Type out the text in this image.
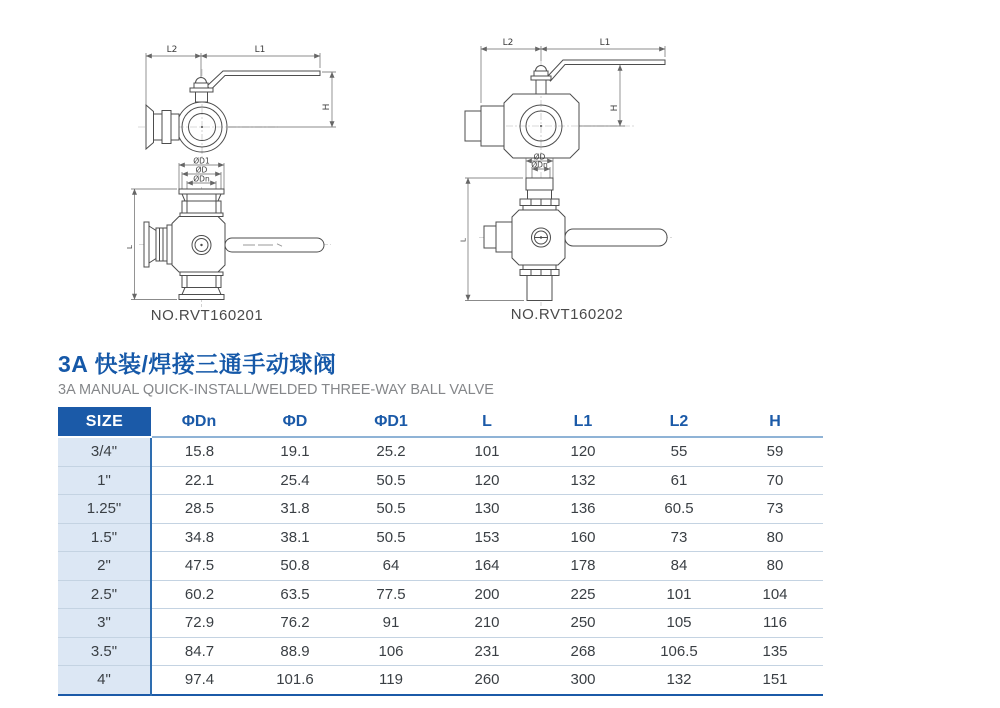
L2	L1
H
L2	L1
H
ØD1
ØD
ØDn
L
NO.RVT160201
ØD
ØDn
L
NO.RVT160202
3A 快装/焊接三通手动球阀
3A MANUAL QUICK-INSTALL/WELDED THREE-WAY BALL VALVE
SIZE	ΦDn	ΦD	ΦD1	L	L1	L2	H
3/4"	15.8	19.1	25.2	101	120	55	59
1"	22.1	25.4	50.5	120	132	61	70
1.25"	28.5	31.8	50.5	130	136	60.5	73
1.5"	34.8	38.1	50.5	153	160	73	80
2"	47.5	50.8	64	164	178	84	80
2.5"	60.2	63.5	77.5	200	225	101	104
3"	72.9	76.2	91	210	250	105	116
3.5"	84.7	88.9	106	231	268	106.5	135
4"	97.4	101.6	119	260	300	132	151
